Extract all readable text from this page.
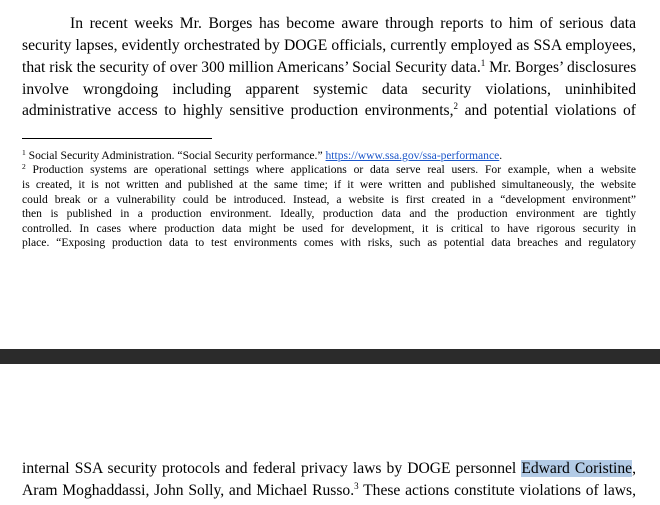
In recent weeks Mr. Borges has become aware through reports to him of serious data
security lapses, evidently orchestrated by DOGE officials, currently employed as SSA employees,
that risk the security of over 300 million Americans’ Social Security data.$^1$ Mr. Borges’ disclosures
involve wrongdoing including apparent systemic data security violations, uninhibited
administrative access to highly sensitive production environments,$^2$ and potential violations of
$^1$ Social Security Administration. “Social Security performance.” https://www.ssa.gov/ssa-performance.
$^2$ Production systems are operational settings where applications or data serve real users. For example, when a website
is created, it is not written and published at the same time; if it were written and published simultaneously, the website
could break or a vulnerability could be introduced. Instead, a website is first created in a “development environment”
then is published in a production environment. Ideally, production data and the production environment are tightly
controlled. In cases where production data might be used for development, it is critical to have rigorous security in
place. “Exposing production data to test environments comes with risks, such as potential data breaches and regulatory
internal SSA security protocols and federal privacy laws by DOGE personnel Edward Coristine,
Aram Moghaddassi, John Solly, and Michael Russo.$^3$ These actions constitute violations of laws,
